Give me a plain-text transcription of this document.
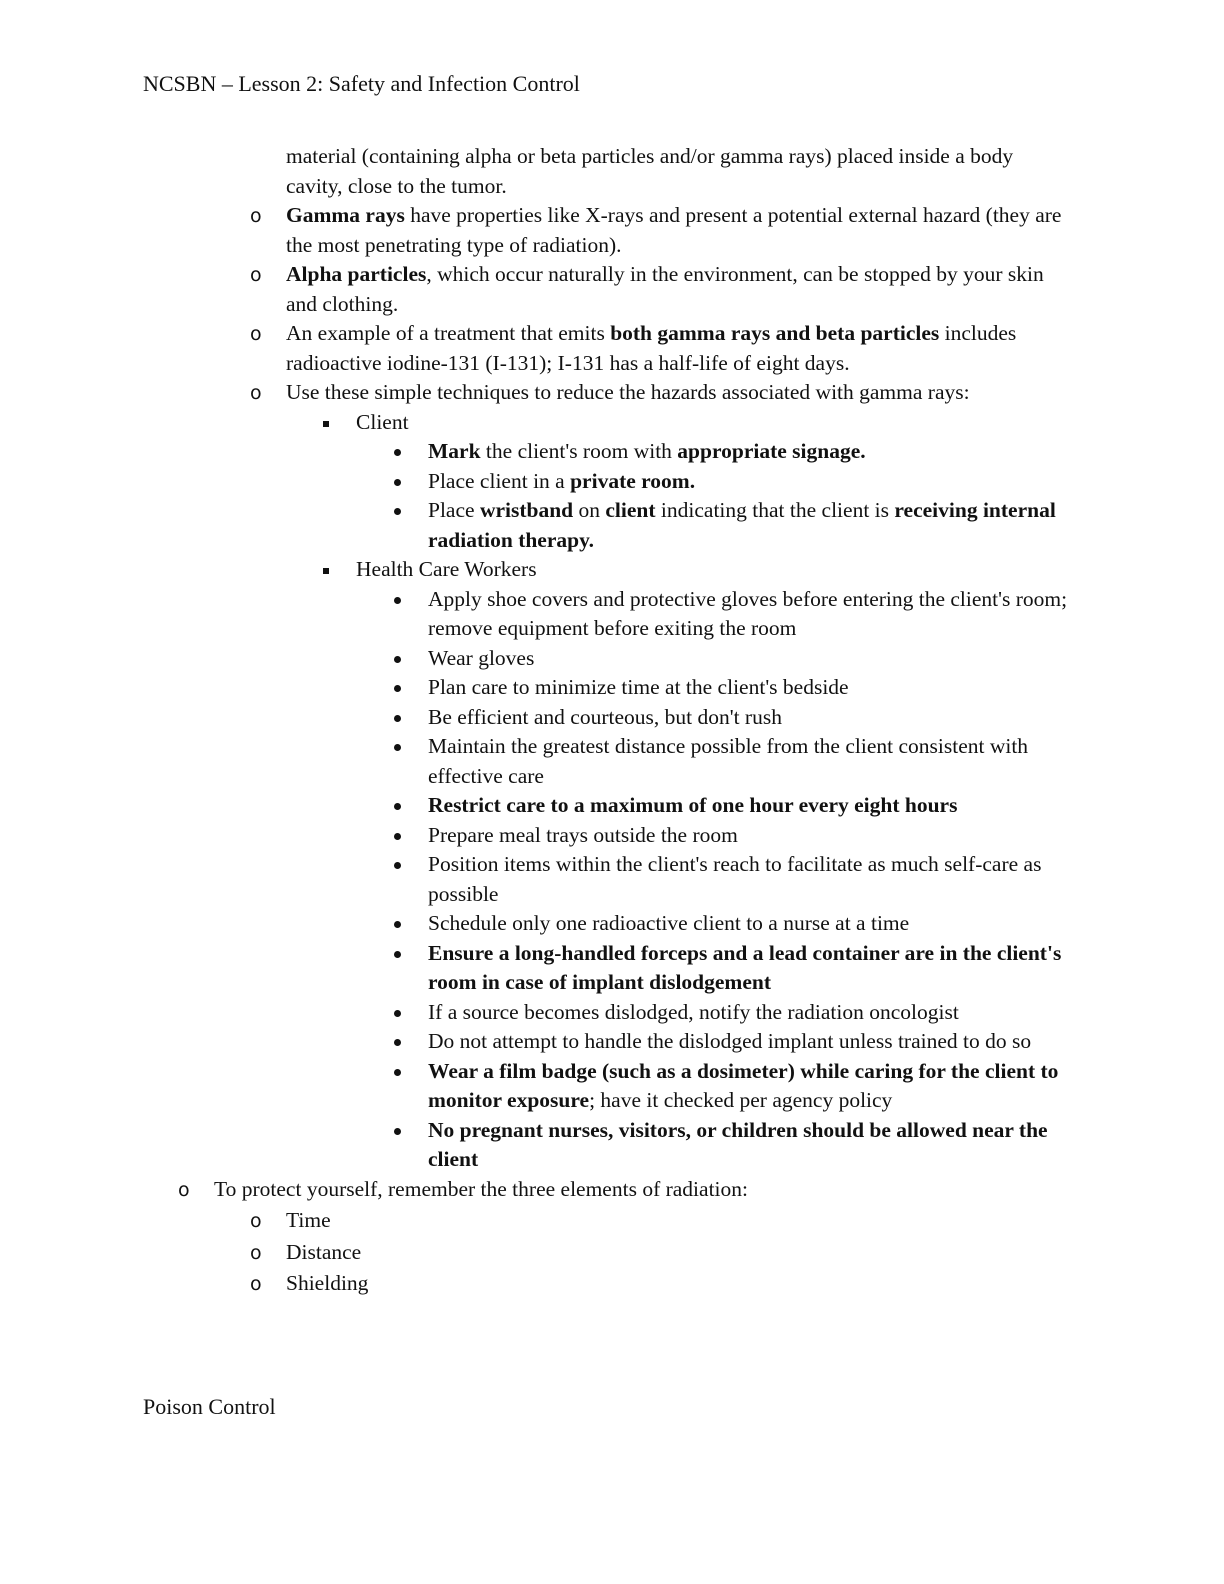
NCSBN – Lesson 2: Safety and Infection Control
material (containing alpha or beta particles and/or gamma rays) placed inside a body cavity, close to the tumor.
o Gamma rays have properties like X-rays and present a potential external hazard (they are the most penetrating type of radiation).
o Alpha particles, which occur naturally in the environment, can be stopped by your skin and clothing.
o An example of a treatment that emits both gamma rays and beta particles includes radioactive iodine-131 (I-131); I-131 has a half-life of eight days.
o Use these simple techniques to reduce the hazards associated with gamma rays:
Client
Mark the client's room with appropriate signage.
Place client in a private room.
Place wristband on client indicating that the client is receiving internal radiation therapy.
Health Care Workers
Apply shoe covers and protective gloves before entering the client's room; remove equipment before exiting the room
Wear gloves
Plan care to minimize time at the client's bedside
Be efficient and courteous, but don't rush
Maintain the greatest distance possible from the client consistent with effective care
Restrict care to a maximum of one hour every eight hours
Prepare meal trays outside the room
Position items within the client's reach to facilitate as much self-care as possible
Schedule only one radioactive client to a nurse at a time
Ensure a long-handled forceps and a lead container are in the client's room in case of implant dislodgement
If a source becomes dislodged, notify the radiation oncologist
Do not attempt to handle the dislodged implant unless trained to do so
Wear a film badge (such as a dosimeter) while caring for the client to monitor exposure; have it checked per agency policy
No pregnant nurses, visitors, or children should be allowed near the client
o To protect yourself, remember the three elements of radiation:
o Time
o Distance
o Shielding
Poison Control
